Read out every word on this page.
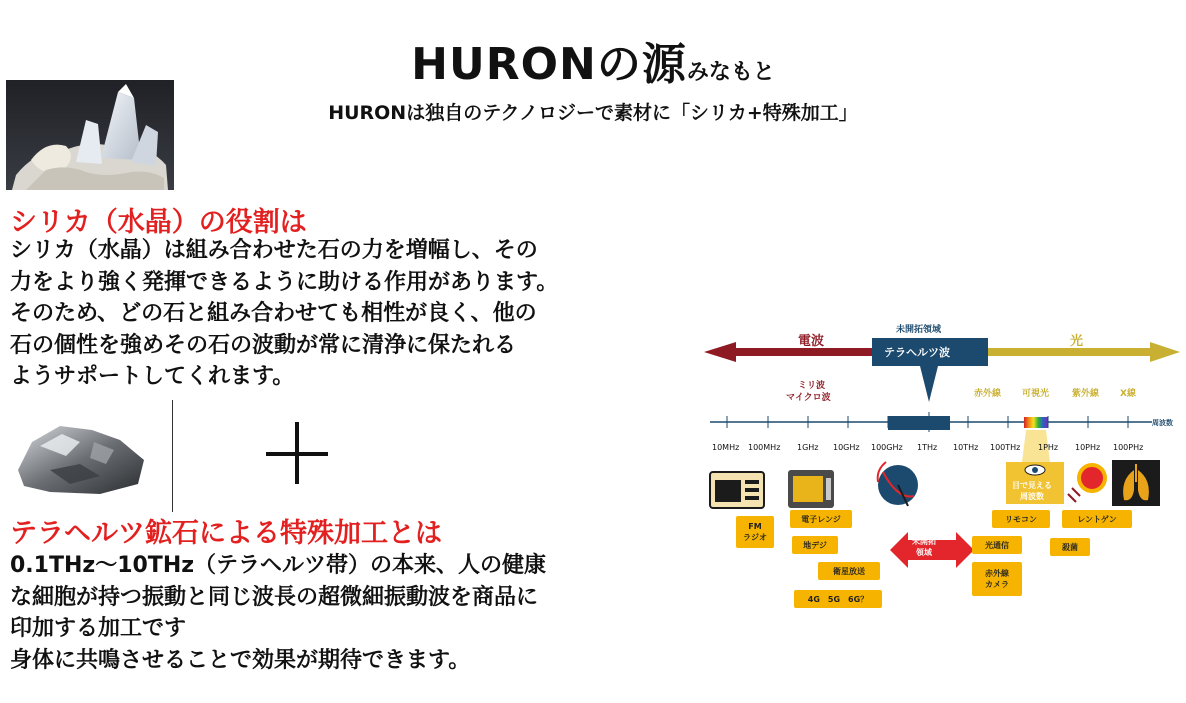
HURONの源みなもと
HURONは独自のテクノロジーで素材に「シリカ+特殊加工」
シリカ（水晶）の役割は
シリカ（水晶）は組み合わせた石の力を増幅し、その
力をより強く発揮できるように助ける作用があります。
そのため、どの石と組み合わせても相性が良く、他の
石の個性を強めその石の波動が常に清浄に保たれる
ようサポートしてくれます。
テラヘルツ鉱石による特殊加工とは
0.1THz〜10THz（テラヘルツ帯）の本来、人の健康
な細胞が持つ振動と同じ波長の超微細振動波を商品に
印加する加工です
身体に共鳴させることで効果が期待できます。
電波	光
未開拓領域
テラヘルツ波
ミリ波
マイクロ波	赤外線 可視光	紫外線 X線
周波数
10MHz 100MHz 1GHz 10GHz 100GHz 1THz 10THz 100THz 1PHz 10PHz 100PHz
目で見える
周波数
FM
ラジオ
電子レンジ
地デジ
衛星放送
4G　5G　6G？
未開拓
領域
リモコン
光通信
赤外線
カメラ
レントゲン
殺菌
